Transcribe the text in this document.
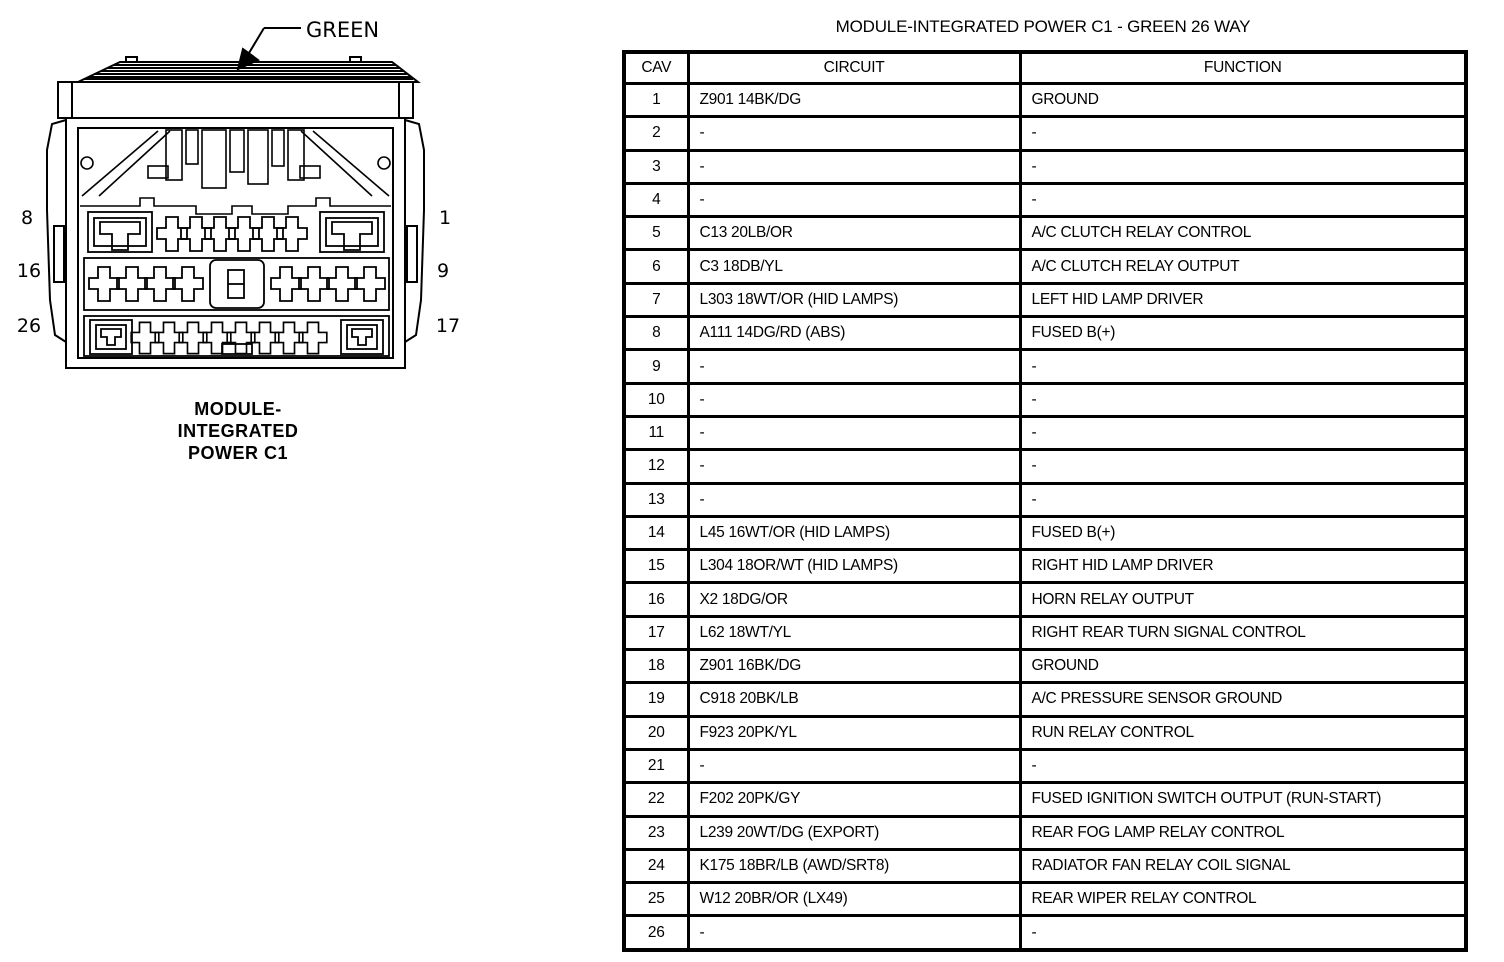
GREEN
8	1
16	9
26	17
MODULE-
INTEGRATED
POWER C1
MODULE-INTEGRATED POWER C1 - GREEN 26 WAY
CAV	CIRCUIT	FUNCTION
1	Z901 14BK/DG	GROUND
2	-	-
3	-	-
4	-	-
5	C13 20LB/OR	A/C CLUTCH RELAY CONTROL
6	C3 18DB/YL	A/C CLUTCH RELAY OUTPUT
7	L303 18WT/OR (HID LAMPS)	LEFT HID LAMP DRIVER
8	A111 14DG/RD (ABS)	FUSED B(+)
9	-	-
10	-	-
11	-	-
12	-	-
13	-	-
14	L45 16WT/OR (HID LAMPS)	FUSED B(+)
15	L304 18OR/WT (HID LAMPS)	RIGHT HID LAMP DRIVER
16	X2 18DG/OR	HORN RELAY OUTPUT
17	L62 18WT/YL	RIGHT REAR TURN SIGNAL CONTROL
18	Z901 16BK/DG	GROUND
19	C918 20BK/LB	A/C PRESSURE SENSOR GROUND
20	F923 20PK/YL	RUN RELAY CONTROL
21	-	-
22	F202 20PK/GY	FUSED IGNITION SWITCH OUTPUT (RUN-START)
23	L239 20WT/DG (EXPORT)	REAR FOG LAMP RELAY CONTROL
24	K175 18BR/LB (AWD/SRT8)	RADIATOR FAN RELAY COIL SIGNAL
25	W12 20BR/OR (LX49)	REAR WIPER RELAY CONTROL
26	-	-
